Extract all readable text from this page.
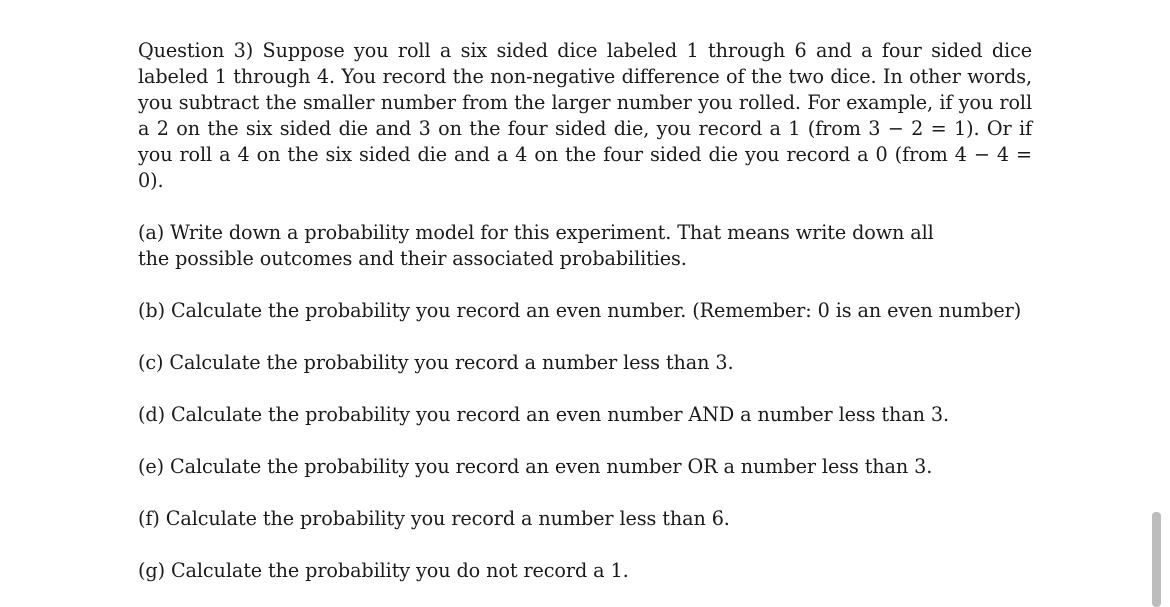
Question 3) Suppose you roll a six sided dice labeled 1 through 6 and a four sided dice labeled 1 through 4. You record the non-negative difference of the two dice. In other words, you subtract the smaller number from the larger number you rolled. For example, if you roll a 2 on the six sided die and 3 on the four sided die, you record a 1 (from 3 − 2 = 1). Or if you roll a 4 on the six sided die and a 4 on the four sided die you record a 0 (from 4 − 4 = 0).

(a) Write down a probability model for this experiment. That means write down all the possible outcomes and their associated probabilities.

(b) Calculate the probability you record an even number. (Remember: 0 is an even number)

(c) Calculate the probability you record a number less than 3.

(d) Calculate the probability you record an even number AND a number less than 3.

(e) Calculate the probability you record an even number OR a number less than 3.

(f) Calculate the probability you record a number less than 6.

(g) Calculate the probability you do not record a 1.
